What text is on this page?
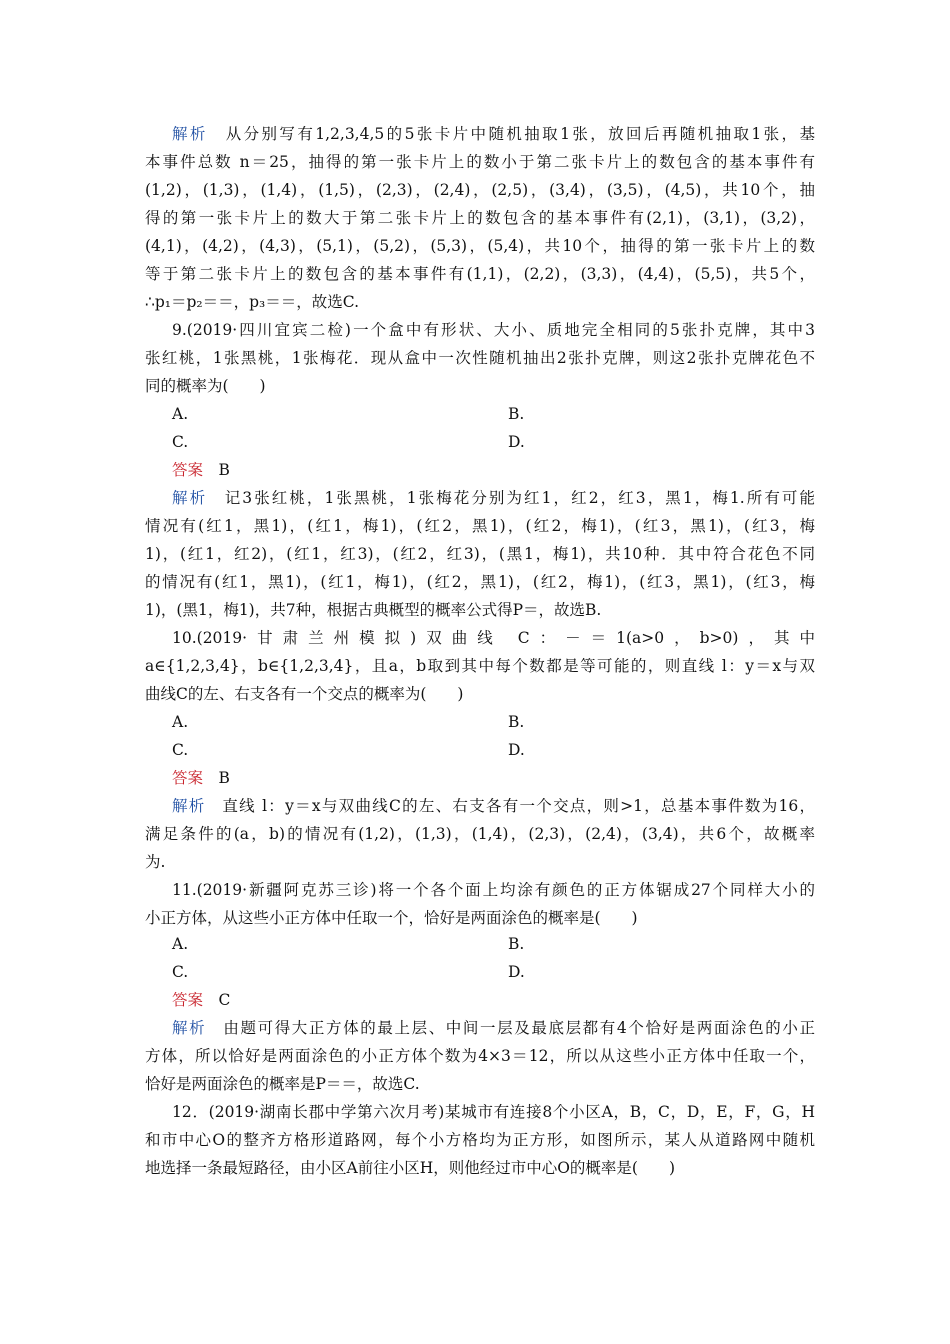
解析　 从分别写有1,2,3,4,5的5张卡片中随机抽取1张，放回后再随机抽取1张，基
本事件总数 n＝25，抽得的第一张卡片上的数小于第二张卡片上的数包含的基本事件有
(1,2)，(1,3)，(1,4)，(1,5)，(2,3)，(2,4)，(2,5)，(3,4)，(3,5)，(4,5)，共10个，抽
得的第一张卡片上的数大于第二张卡片上的数包含的基本事件有(2,1)，(3,1)，(3,2)，
(4,1)，(4,2)，(4,3)，(5,1)，(5,2)，(5,3)，(5,4)，共10个，抽得的第一张卡片上的数
等于第二张卡片上的数包含的基本事件有(1,1)，(2,2)，(3,3)，(4,4)，(5,5)，共5个，
∴p₁＝p₂＝＝，p₃＝＝，故选C.
9.(2019·四川宜宾二检)一个盒中有形状、大小、质地完全相同的5张扑克牌，其中3
张红桃，1张黑桃，1张梅花．现从盒中一次性随机抽出2张扑克牌，则这2张扑克牌花色不
同的概率为(　　)
A.	B.
C.	D.
答案　 B
解析　 记3张红桃，1张黑桃，1张梅花分别为红1，红2，红3，黑1，梅1.所有可能
情况有(红1，黑1)，(红1，梅1)，(红2，黑1)，(红2，梅1)，(红3，黑1)，(红3，梅
1)，(红1，红2)，(红1，红3)，(红2，红3)，(黑1，梅1)，共10种．其中符合花色不同
的情况有(红1，黑1)，(红1，梅1)，(红2，黑1)，(红2，梅1)，(红3，黑1)，(红3，梅
1)，(黑1，梅1)，共7种，根据古典概型的概率公式得P＝，故选B.
10.(2019·甘肃兰州模拟)双曲线 C：－＝1(a>0，b>0)，其中
a∈{1,2,3,4}，b∈{1,2,3,4}，且a，b取到其中每个数都是等可能的，则直线 l：y＝x与双
曲线C的左、右支各有一个交点的概率为(　　)
A.	B.
C.	D.
答案　 B
解析　 直线 l：y＝x与双曲线C的左、右支各有一个交点，则>1，总基本事件数为16，
满足条件的(a，b)的情况有(1,2)，(1,3)，(1,4)，(2,3)，(2,4)，(3,4)，共6个，故概率
为.
11.(2019·新疆阿克苏三诊)将一个各个面上均涂有颜色的正方体锯成27个同样大小的
小正方体，从这些小正方体中任取一个，恰好是两面涂色的概率是(　　)
A.	B.
C.	D.
答案　 C
解析　 由题可得大正方体的最上层、中间一层及最底层都有4个恰好是两面涂色的小正
方体，所以恰好是两面涂色的小正方体个数为4×3＝12，所以从这些小正方体中任取一个，
恰好是两面涂色的概率是P＝＝，故选C.
12．(2019·湖南长郡中学第六次月考)某城市有连接8个小区A，B，C，D，E，F，G，H
和市中心O的整齐方格形道路网，每个小方格均为正方形，如图所示，某人从道路网中随机
地选择一条最短路径，由小区A前往小区H，则他经过市中心O的概率是(　　)
